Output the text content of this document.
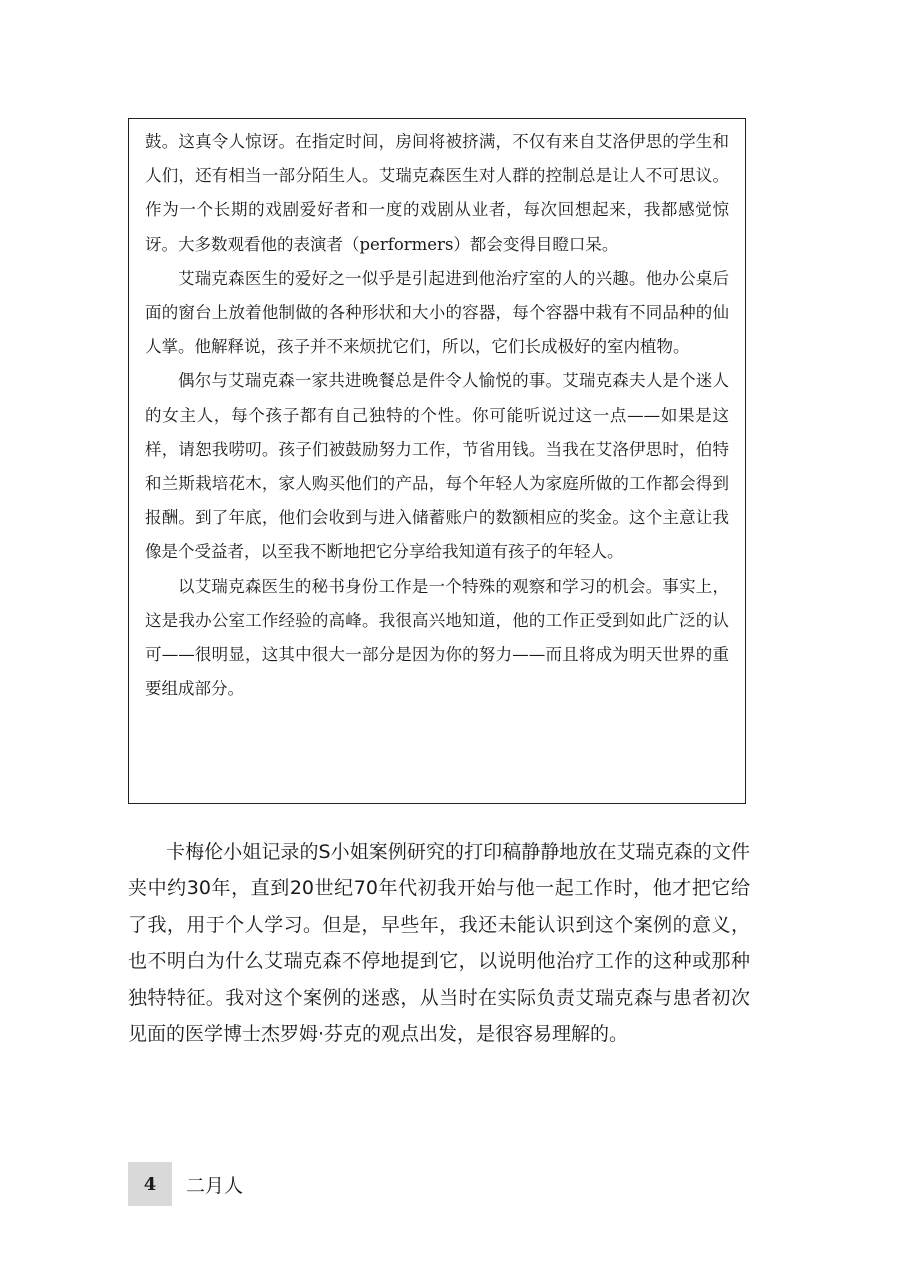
鼓。这真令人惊讶。在指定时间，房间将被挤满，不仅有来自艾洛伊思的学生和人们，还有相当一部分陌生人。艾瑞克森医生对人群的控制总是让人不可思议。作为一个长期的戏剧爱好者和一度的戏剧从业者，每次回想起来，我都感觉惊讶。大多数观看他的表演者（performers）都会变得目瞪口呆。

艾瑞克森医生的爱好之一似乎是引起进到他治疗室的人的兴趣。他办公桌后面的窗台上放着他制做的各种形状和大小的容器，每个容器中栽有不同品种的仙人掌。他解释说，孩子并不来烦扰它们，所以，它们长成极好的室内植物。

偶尔与艾瑞克森一家共进晚餐总是件令人愉悦的事。艾瑞克森夫人是个迷人的女主人，每个孩子都有自己独特的个性。你可能听说过这一点——如果是这样，请恕我唠叨。孩子们被鼓励努力工作，节省用钱。当我在艾洛伊思时，伯特和兰斯栽培花木，家人购买他们的产品，每个年轻人为家庭所做的工作都会得到报酬。到了年底，他们会收到与进入储蓄账户的数额相应的奖金。这个主意让我像是个受益者，以至我不断地把它分享给我知道有孩子的年轻人。

以艾瑞克森医生的秘书身份工作是一个特殊的观察和学习的机会。事实上，这是我办公室工作经验的高峰。我很高兴地知道，他的工作正受到如此广泛的认可——很明显，这其中很大一部分是因为你的努力——而且将成为明天世界的重要组成部分。

卡梅伦小姐记录的S小姐案例研究的打印稿静静地放在艾瑞克森的文件夹中约30年，直到20世纪70年代初我开始与他一起工作时，他才把它给了我，用于个人学习。但是，早些年，我还未能认识到这个案例的意义，也不明白为什么艾瑞克森不停地提到它，以说明他治疗工作的这种或那种独特特征。我对这个案例的迷惑，从当时在实际负责艾瑞克森与患者初次见面的医学博士杰罗姆·芬克的观点出发，是很容易理解的。

4	二月人
